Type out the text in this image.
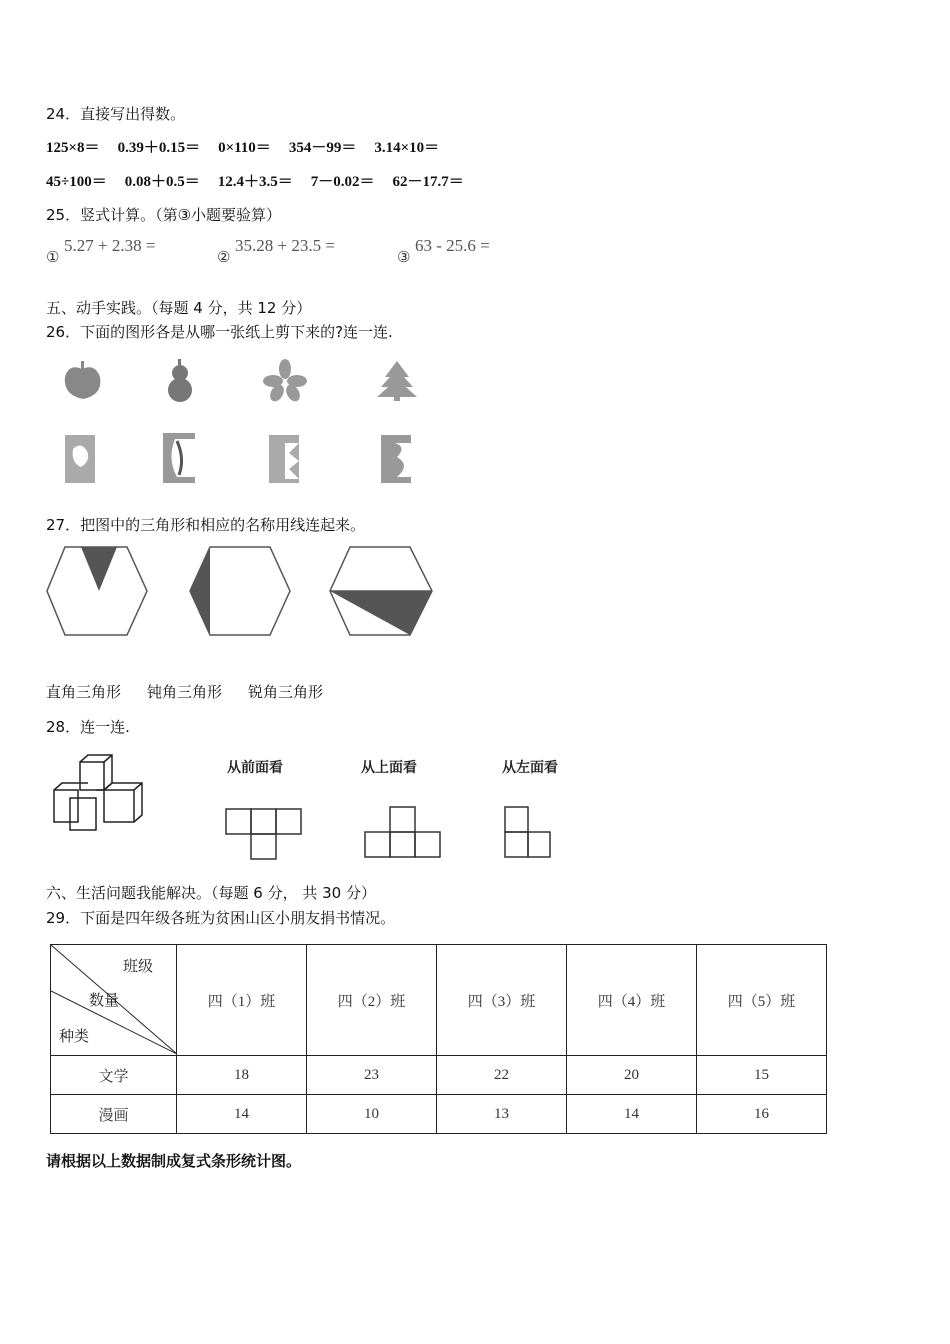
24．直接写出得数。
125×8＝ 0.39＋0.15＝ 0×110＝ 354－99＝ 3.14×10＝
45÷100＝ 0.08＋0.5＝ 12.4＋3.5＝ 7－0.02＝ 62－17.7＝
25．竖式计算。（第③小题要验算）
①
5.27 + 2.38 =
②
35.28 + 23.5 =
③
63 - 25.6 =
五、动手实践。（每题 4 分，共 12 分）
26．下面的图形各是从哪一张纸上剪下来的?连一连.
27．把图中的三角形和相应的名称用线连起来。
直角三角形 钝角三角形 锐角三角形
28．连一连.
从前面看	从上面看	从左面看
六、生活问题我能解决。（每题 6 分， 共 30 分）
29．下面是四年级各班为贫困山区小朋友捐书情况。
班级
数量
种类	四（1）班	四（2）班	四（3）班	四（4）班	四（5）班
文学	18	23	22	20	15
漫画	14	10	13	14	16
请根据以上数据制成复式条形统计图。
